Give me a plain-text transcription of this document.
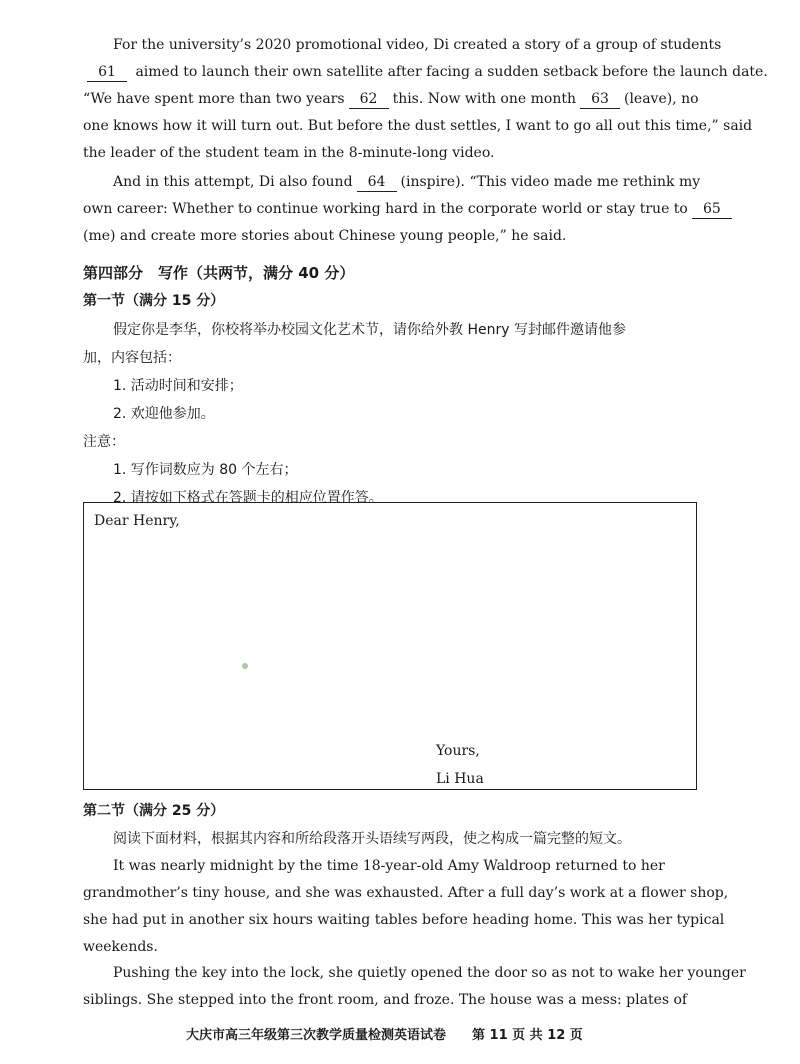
For the university’s 2020 promotional video, Di created a story of a group of students
61 aimed to launch their own satellite after facing a sudden setback before the launch date.
“We have spent more than two years 62 this. Now with one month 63 (leave), no
one knows how it will turn out. But before the dust settles, I want to go all out this time,” said
the leader of the student team in the 8-minute-long video.
And in this attempt, Di also found 64 (inspire). “This video made me rethink my
own career: Whether to continue working hard in the corporate world or stay true to 65
(me) and create more stories about Chinese young people,” he said.
第四部分　写作（共两节，满分 40 分）
第一节（满分 15 分）
假定你是李华，你校将举办校园文化艺术节，请你给外教 Henry 写封邮件邀请他参
加，内容包括：
1. 活动时间和安排；
2. 欢迎他参加。
注意：
1. 写作词数应为 80 个左右；
2. 请按如下格式在答题卡的相应位置作答。
Dear Henry,
Yours,
Li Hua
第二节（满分 25 分）
阅读下面材料，根据其内容和所给段落开头语续写两段，使之构成一篇完整的短文。
It was nearly midnight by the time 18-year-old Amy Waldroop returned to her
grandmother’s tiny house, and she was exhausted. After a full day’s work at a flower shop,
she had put in another six hours waiting tables before heading home. This was her typical
weekends.
Pushing the key into the lock, she quietly opened the door so as not to wake her younger
siblings. She stepped into the front room, and froze. The house was a mess: plates of
大庆市高三年级第三次教学质量检测英语试卷　　第 11 页 共 12 页
